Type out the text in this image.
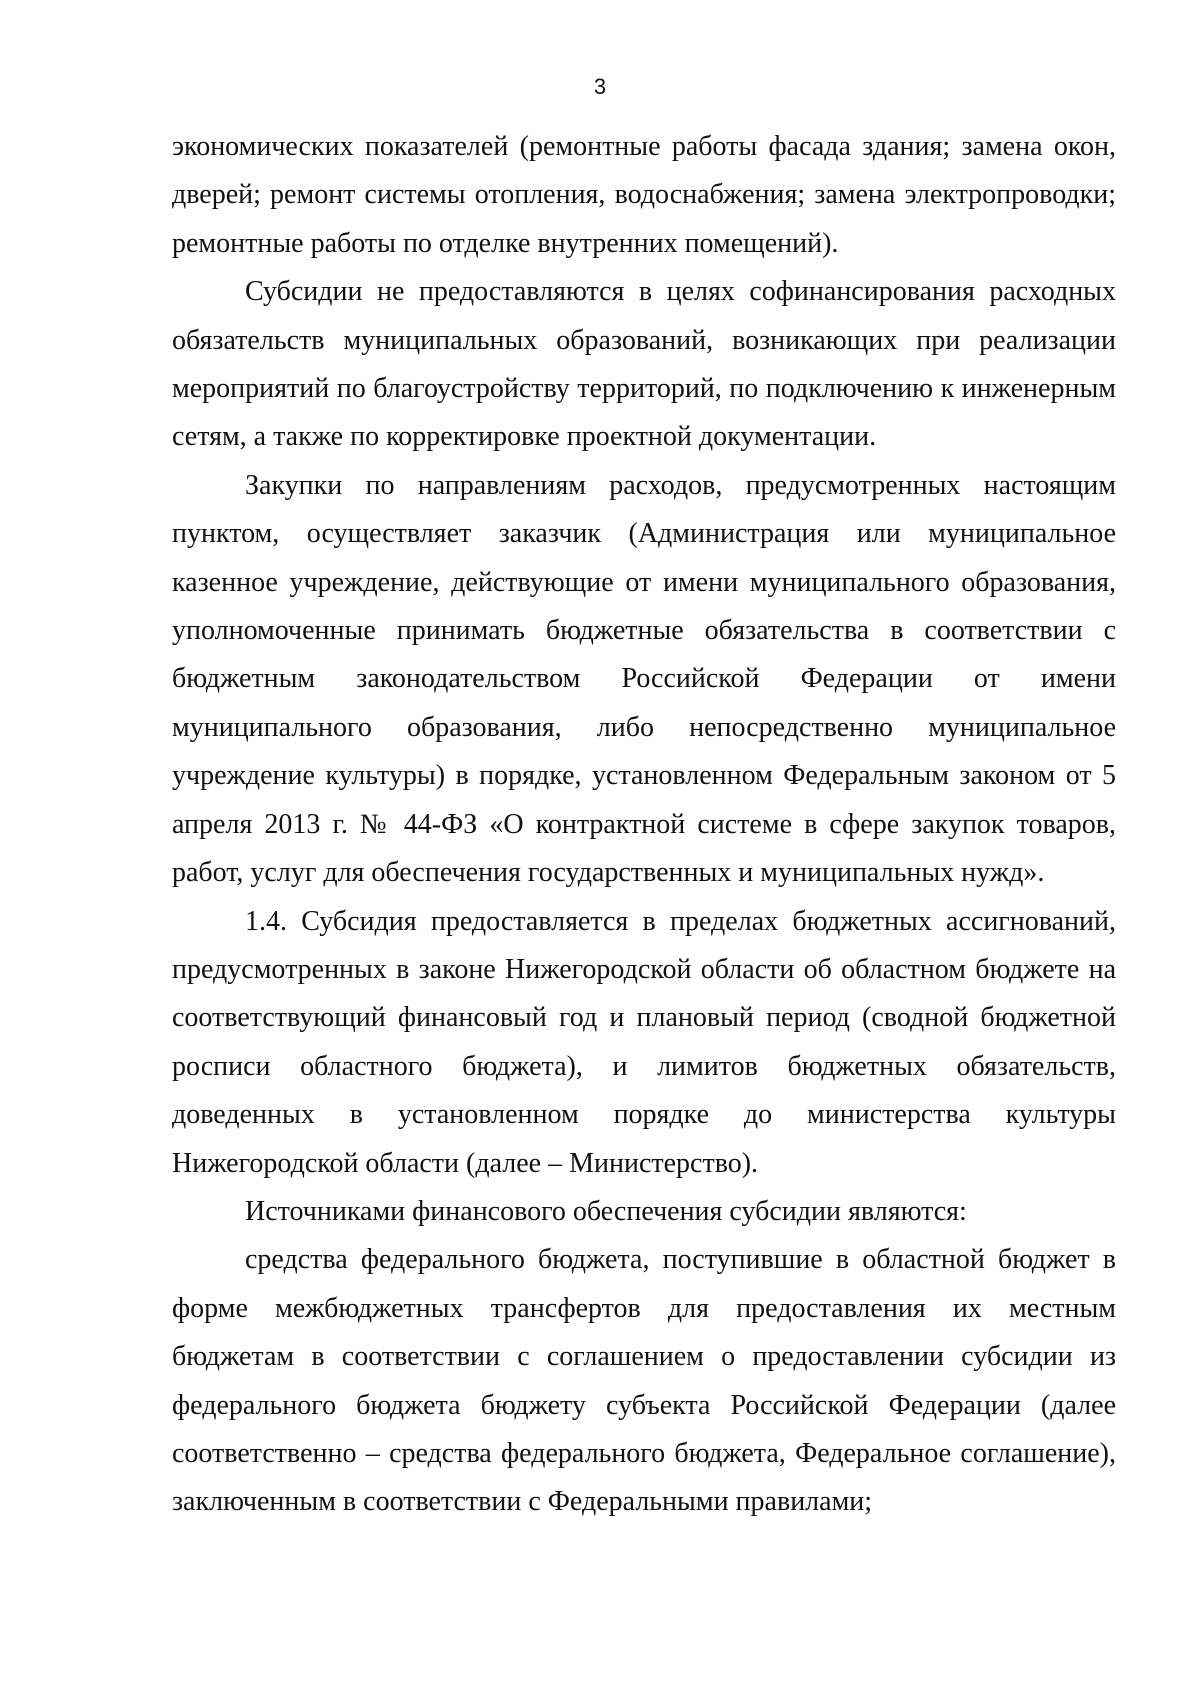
3

экономических показателей (ремонтные работы фасада здания; замена окон, дверей; ремонт системы отопления, водоснабжения; замена электропроводки; ремонтные работы по отделке внутренних помещений).

Субсидии не предоставляются в целях софинансирования расходных обязательств муниципальных образований, возникающих при реализации мероприятий по благоустройству территорий, по подключению к инженерным сетям, а также по корректировке проектной документации.

Закупки по направлениям расходов, предусмотренных настоящим пунктом, осуществляет заказчик (Администрация или муниципальное казенное учреждение, действующие от имени муниципального образования, уполномоченные принимать бюджетные обязательства в соответствии с бюджетным законодательством Российской Федерации от имени муниципального образования, либо непосредственно муниципальное учреждение культуры) в порядке, установленном Федеральным законом от 5 апреля 2013 г. № 44-ФЗ «О контрактной системе в сфере закупок товаров, работ, услуг для обеспечения государственных и муниципальных нужд».

1.4. Субсидия предоставляется в пределах бюджетных ассигнований, предусмотренных в законе Нижегородской области об областном бюджете на соответствующий финансовый год и плановый период (сводной бюджетной росписи областного бюджета), и лимитов бюджетных обязательств, доведенных в установленном порядке до министерства культуры Нижегородской области (далее – Министерство).

Источниками финансового обеспечения субсидии являются:

средства федерального бюджета, поступившие в областной бюджет в форме межбюджетных трансфертов для предоставления их местным бюджетам в соответствии с соглашением о предоставлении субсидии из федерального бюджета бюджету субъекта Российской Федерации (далее соответственно – средства федерального бюджета, Федеральное соглашение), заключенным в соответствии с Федеральными правилами;
